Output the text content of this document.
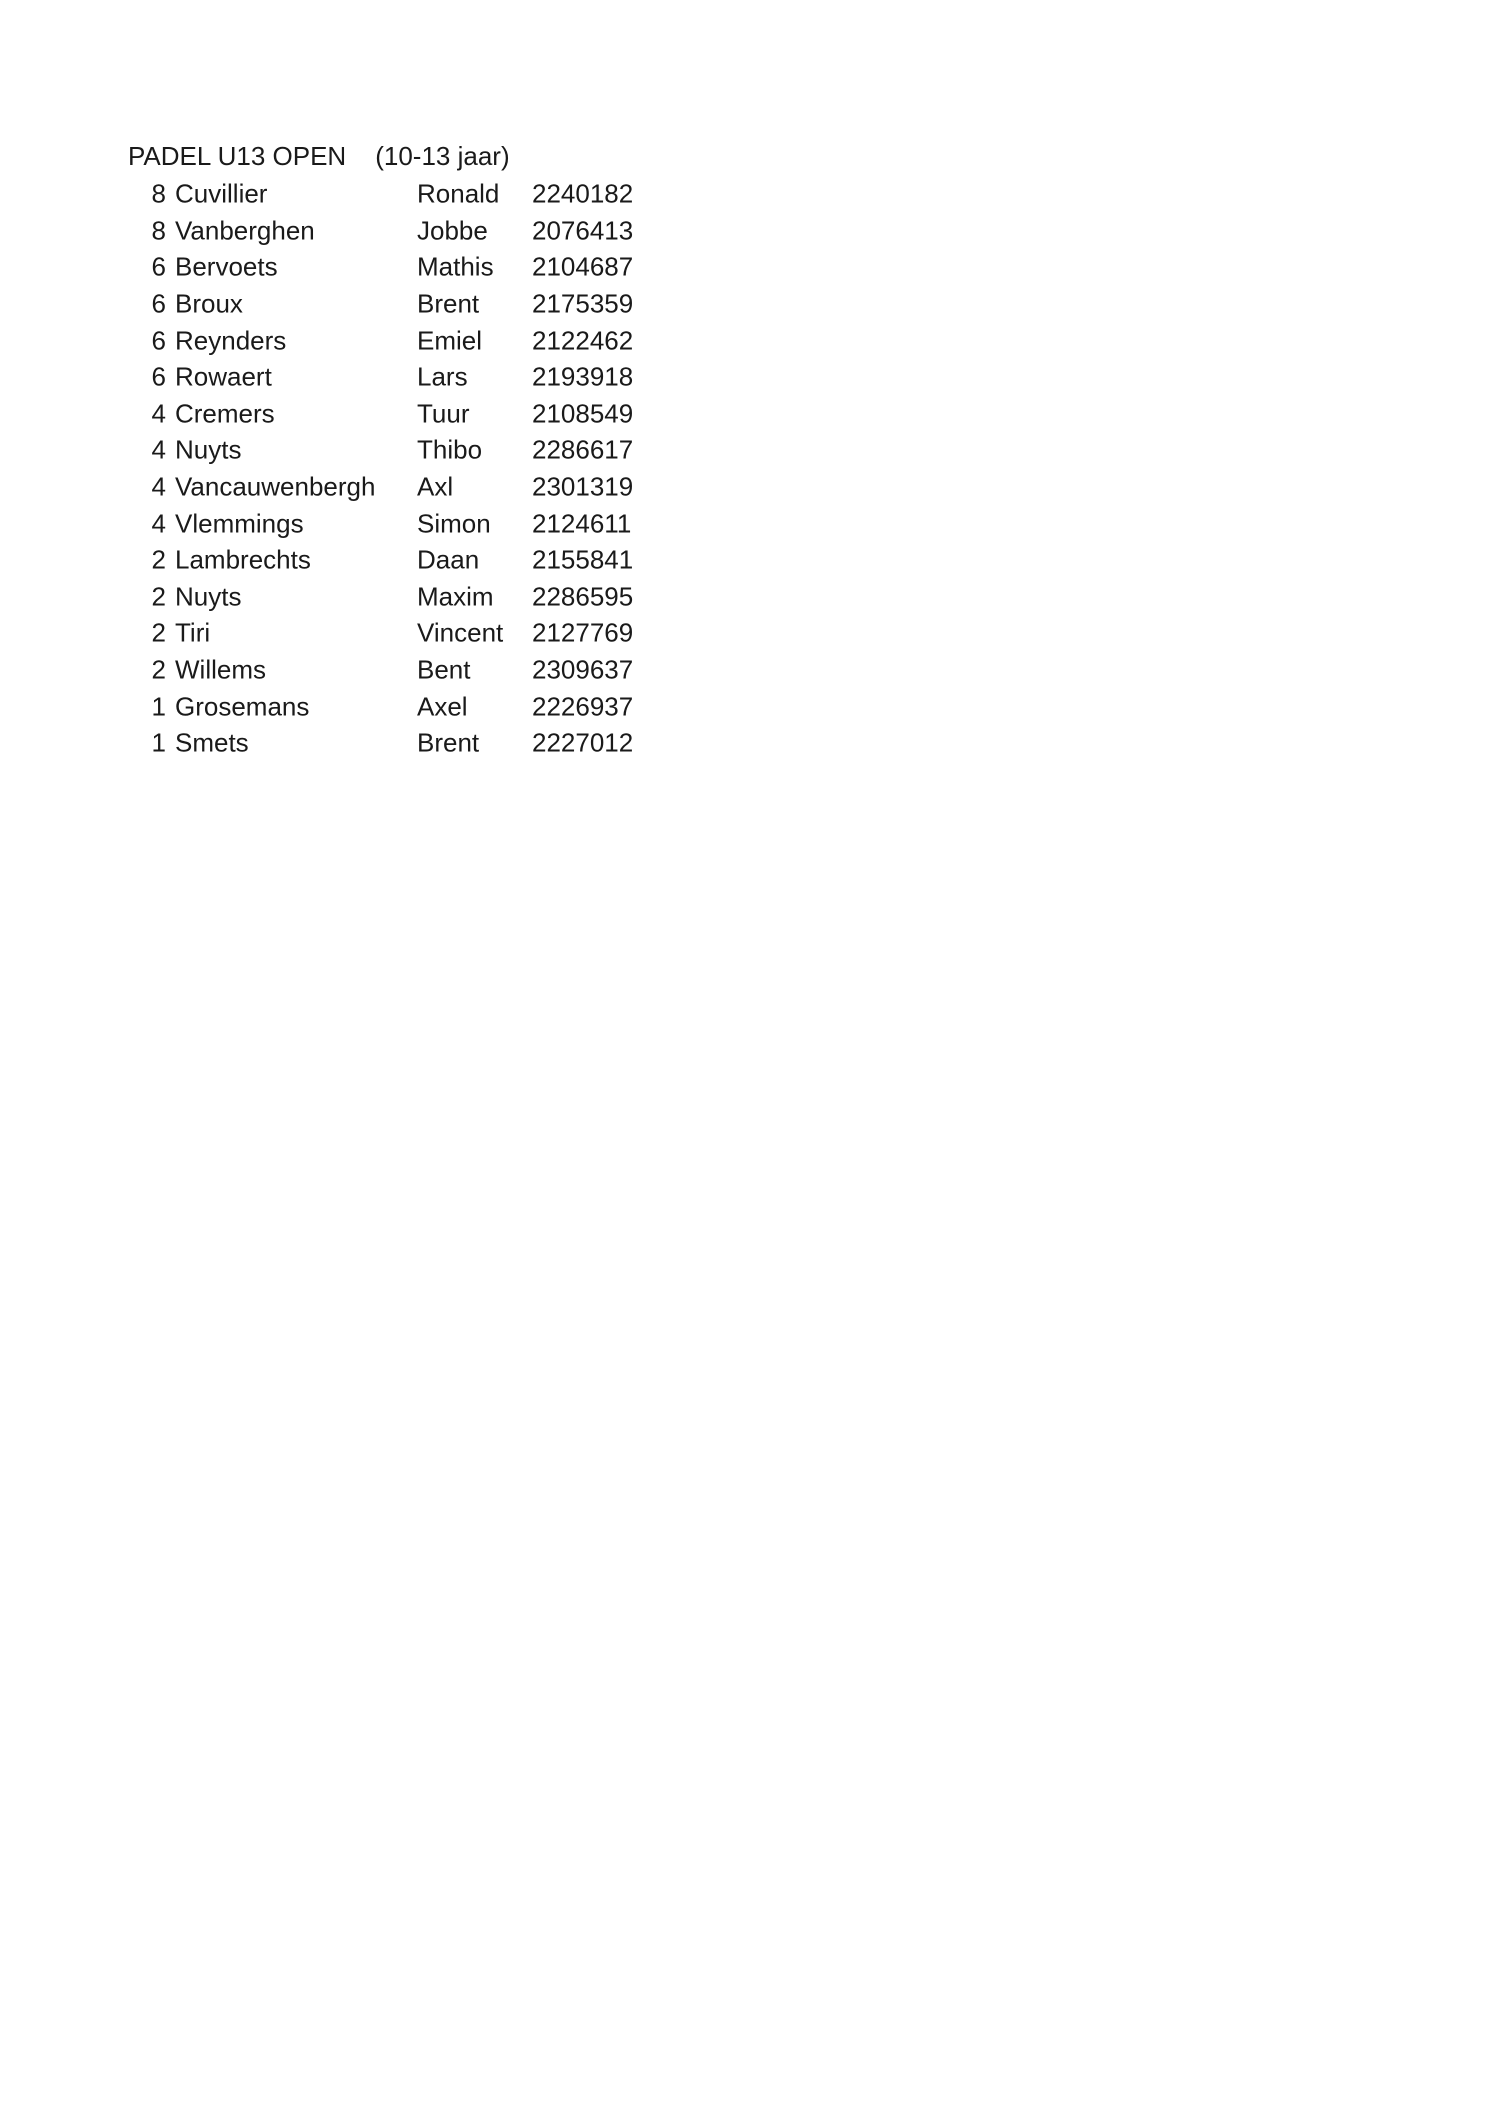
PADEL U13 OPEN (10-13 jaar)
8 Cuvillier	Ronald 2240182
8 Vanberghen	Jobbe 2076413
6 Bervoets	Mathis 2104687
6 Broux	Brent 2175359
6 Reynders	Emiel 2122462
6 Rowaert	Lars 2193918
4 Cremers	Tuur 2108549
4 Nuyts	Thibo 2286617
4 Vancauwenbergh Axl	2301319
4 Vlemmings	Simon 2124611
2 Lambrechts	Daan 2155841
2 Nuyts	Maxim 2286595
2 Tiri	Vincent 2127769
2 Willems	Bent 2309637
1 Grosemans	Axel 2226937
1 Smets	Brent 2227012
